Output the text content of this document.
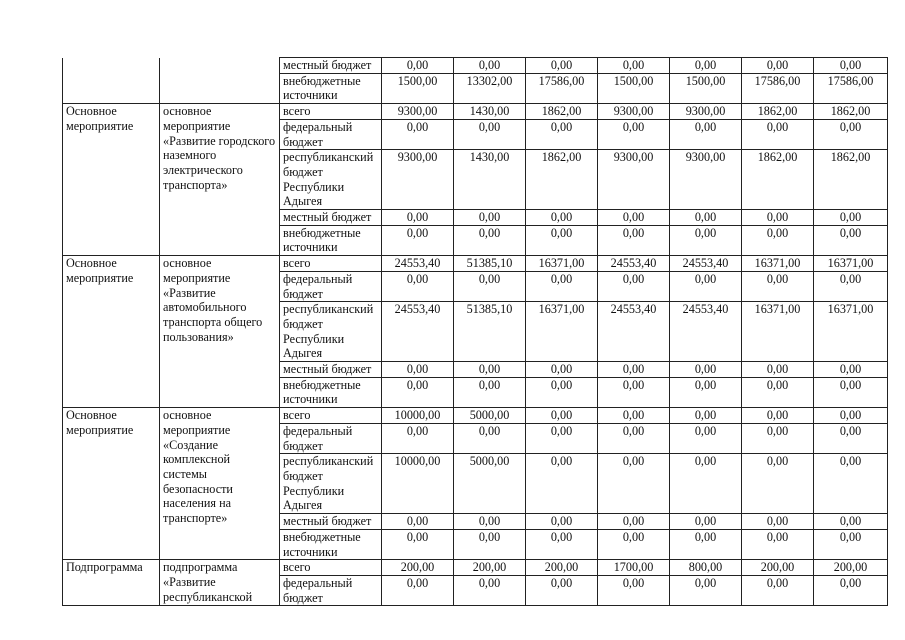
		местный бюджет	0,00	0,00	0,00	0,00	0,00	0,00	0,00
		внебюджетные источники	1500,00	13302,00	17586,00	1500,00	1500,00	17586,00	17586,00
Основное мероприятие	основное мероприятие «Развитие городского наземного электрического транспорта»	всего	9300,00	1430,00	1862,00	9300,00	9300,00	1862,00	1862,00
		федеральный бюджет	0,00	0,00	0,00	0,00	0,00	0,00	0,00
		республиканский бюджет Республики Адыгея	9300,00	1430,00	1862,00	9300,00	9300,00	1862,00	1862,00
		местный бюджет	0,00	0,00	0,00	0,00	0,00	0,00	0,00
		внебюджетные источники	0,00	0,00	0,00	0,00	0,00	0,00	0,00
Основное мероприятие	основное мероприятие «Развитие автомобильного транспорта общего пользования»	всего	24553,40	51385,10	16371,00	24553,40	24553,40	16371,00	16371,00
		федеральный бюджет	0,00	0,00	0,00	0,00	0,00	0,00	0,00
		республиканский бюджет Республики Адыгея	24553,40	51385,10	16371,00	24553,40	24553,40	16371,00	16371,00
		местный бюджет	0,00	0,00	0,00	0,00	0,00	0,00	0,00
		внебюджетные источники	0,00	0,00	0,00	0,00	0,00	0,00	0,00
Основное мероприятие	основное мероприятие «Создание комплексной системы безопасности населения на транспорте»	всего	10000,00	5000,00	0,00	0,00	0,00	0,00	0,00
		федеральный бюджет	0,00	0,00	0,00	0,00	0,00	0,00	0,00
		республиканский бюджет Республики Адыгея	10000,00	5000,00	0,00	0,00	0,00	0,00	0,00
		местный бюджет	0,00	0,00	0,00	0,00	0,00	0,00	0,00
		внебюджетные источники	0,00	0,00	0,00	0,00	0,00	0,00	0,00
Подпрограмма	подпрограмма «Развитие республиканской	всего	200,00	200,00	200,00	1700,00	800,00	200,00	200,00
		федеральный бюджет	0,00	0,00	0,00	0,00	0,00	0,00	0,00
